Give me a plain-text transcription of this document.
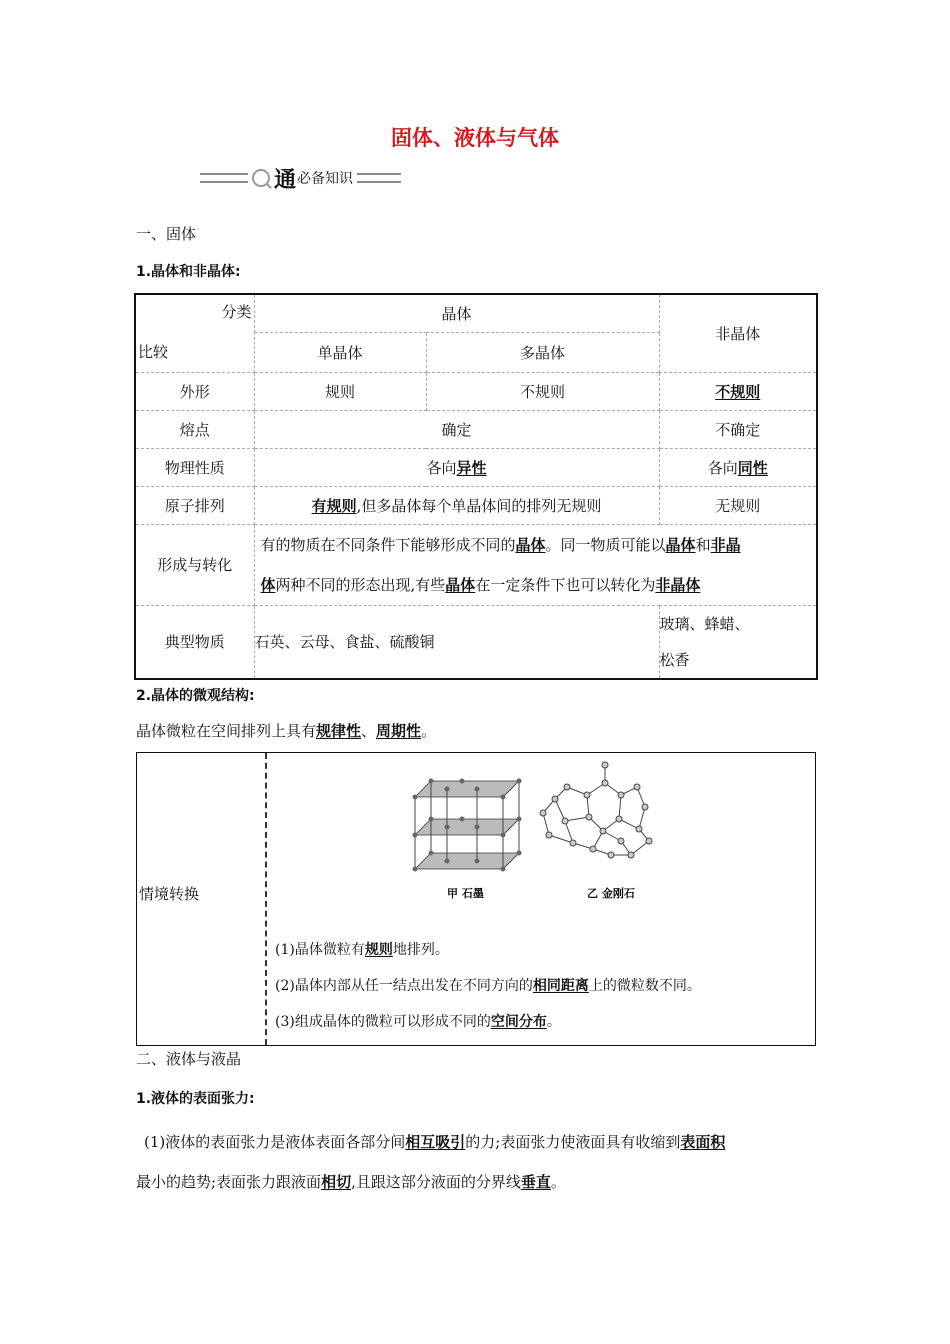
固体、液体与气体
通 必备知识
一、固体
1.晶体和非晶体:
分类
比较	晶体		非晶体
	单晶体	多晶体	
外形	规则	不规则	不规则
熔点	确定		不确定
物理性质	各向异性		各向同性
原子排列	有规则,但多晶体每个单晶体间的排列无规则		无规则
形成与转化	有的物质在不同条件下能够形成不同的晶体。同一物质可能以晶体和非晶
体两种不同的形态出现,有些晶体在一定条件下也可以转化为非晶体		
典型物质	石英、云母、食盐、硫酸铜		玻璃、蜂蜡、
松香
2.晶体的微观结构:
晶体微粒在空间排列上具有规律性、周期性。
情境转换	甲 石墨	乙 金刚石
(1)晶体微粒有规则地排列。
(2)晶体内部从任一结点出发在不同方向的相同距离上的微粒数不同。
(3)组成晶体的微粒可以形成不同的空间分布。
二、液体与液晶
1.液体的表面张力:
(1)液体的表面张力是液体表面各部分间相互吸引的力;表面张力使液面具有收缩到表面积
最小的趋势;表面张力跟液面相切,且跟这部分液面的分界线垂直。
